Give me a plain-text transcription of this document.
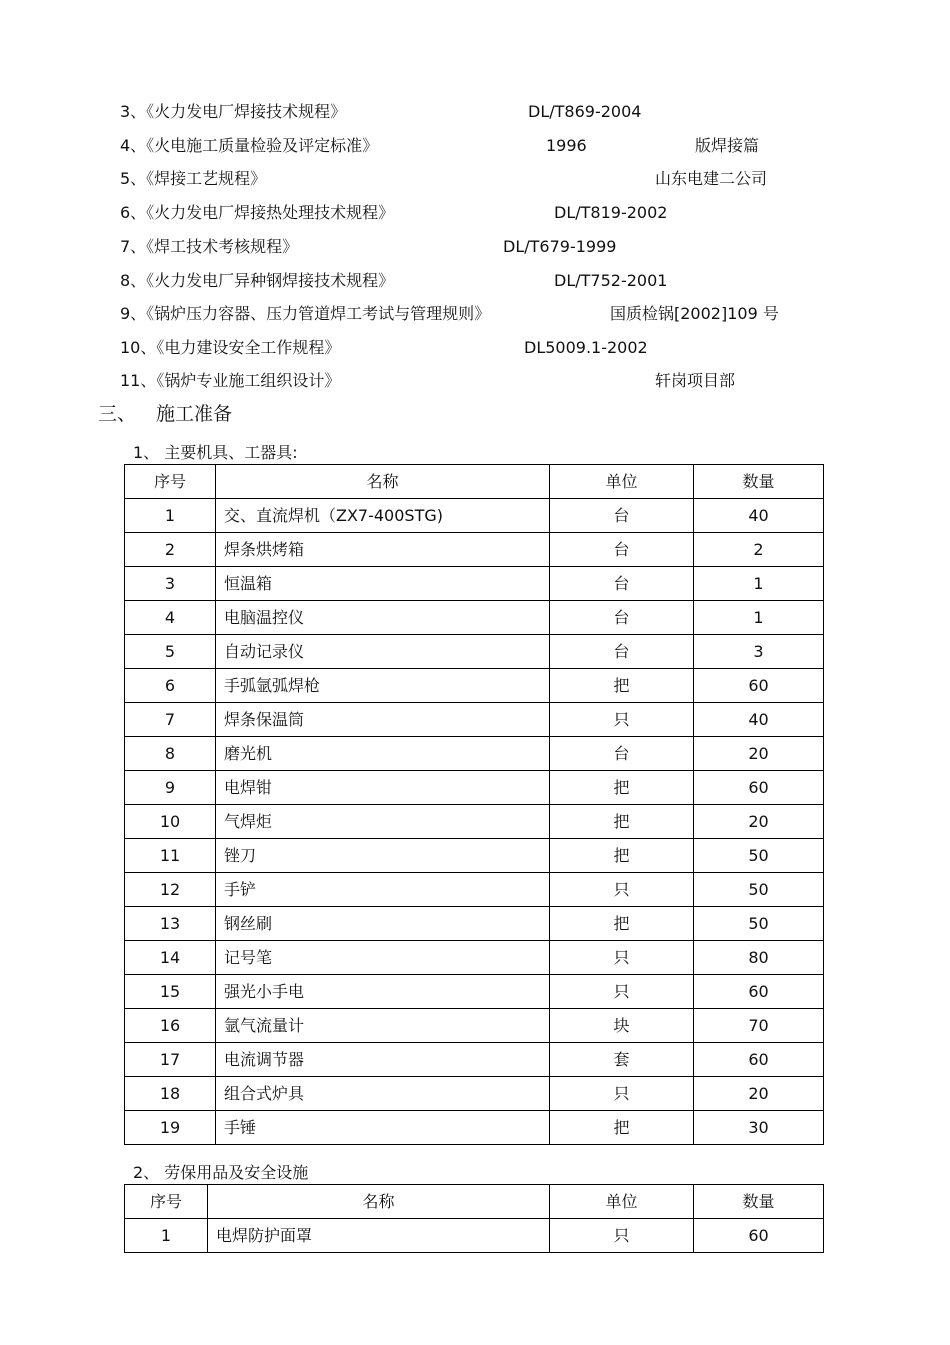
3、《火力发电厂焊接技术规程》	DL/T869-2004
4、《火电施工质量检验及评定标准》	1996	版焊接篇
5、《焊接工艺规程》	山东电建二公司
6、《火力发电厂焊接热处理技术规程》	DL/T819-2002
7、《焊工技术考核规程》	DL/T679-1999
8、《火力发电厂异种钢焊接技术规程》	DL/T752-2001
9、《锅炉压力容器、压力管道焊工考试与管理规则》	国质检锅[2002]109 号
10、《电力建设安全工作规程》	DL5009.1-2002
11、《锅炉专业施工组织设计》	轩岗项目部
三、 施工准备
1、 主要机具、工器具:
序号	名称	单位	数量
1	交、直流焊机（ZX7-400STG)	台	40
2	焊条烘烤箱	台	2
3	恒温箱	台	1
4	电脑温控仪	台	1
5	自动记录仪	台	3
6	手弧氩弧焊枪	把	60
7	焊条保温筒	只	40
8	磨光机	台	20
9	电焊钳	把	60
10	气焊炬	把	20
11	锉刀	把	50
12	手铲	只	50
13	钢丝刷	把	50
14	记号笔	只	80
15	强光小手电	只	60
16	氩气流量计	块	70
17	电流调节器	套	60
18	组合式炉具	只	20
19	手锤	把	30
2、 劳保用品及安全设施
序号	名称	单位	数量
1	电焊防护面罩	只	60
